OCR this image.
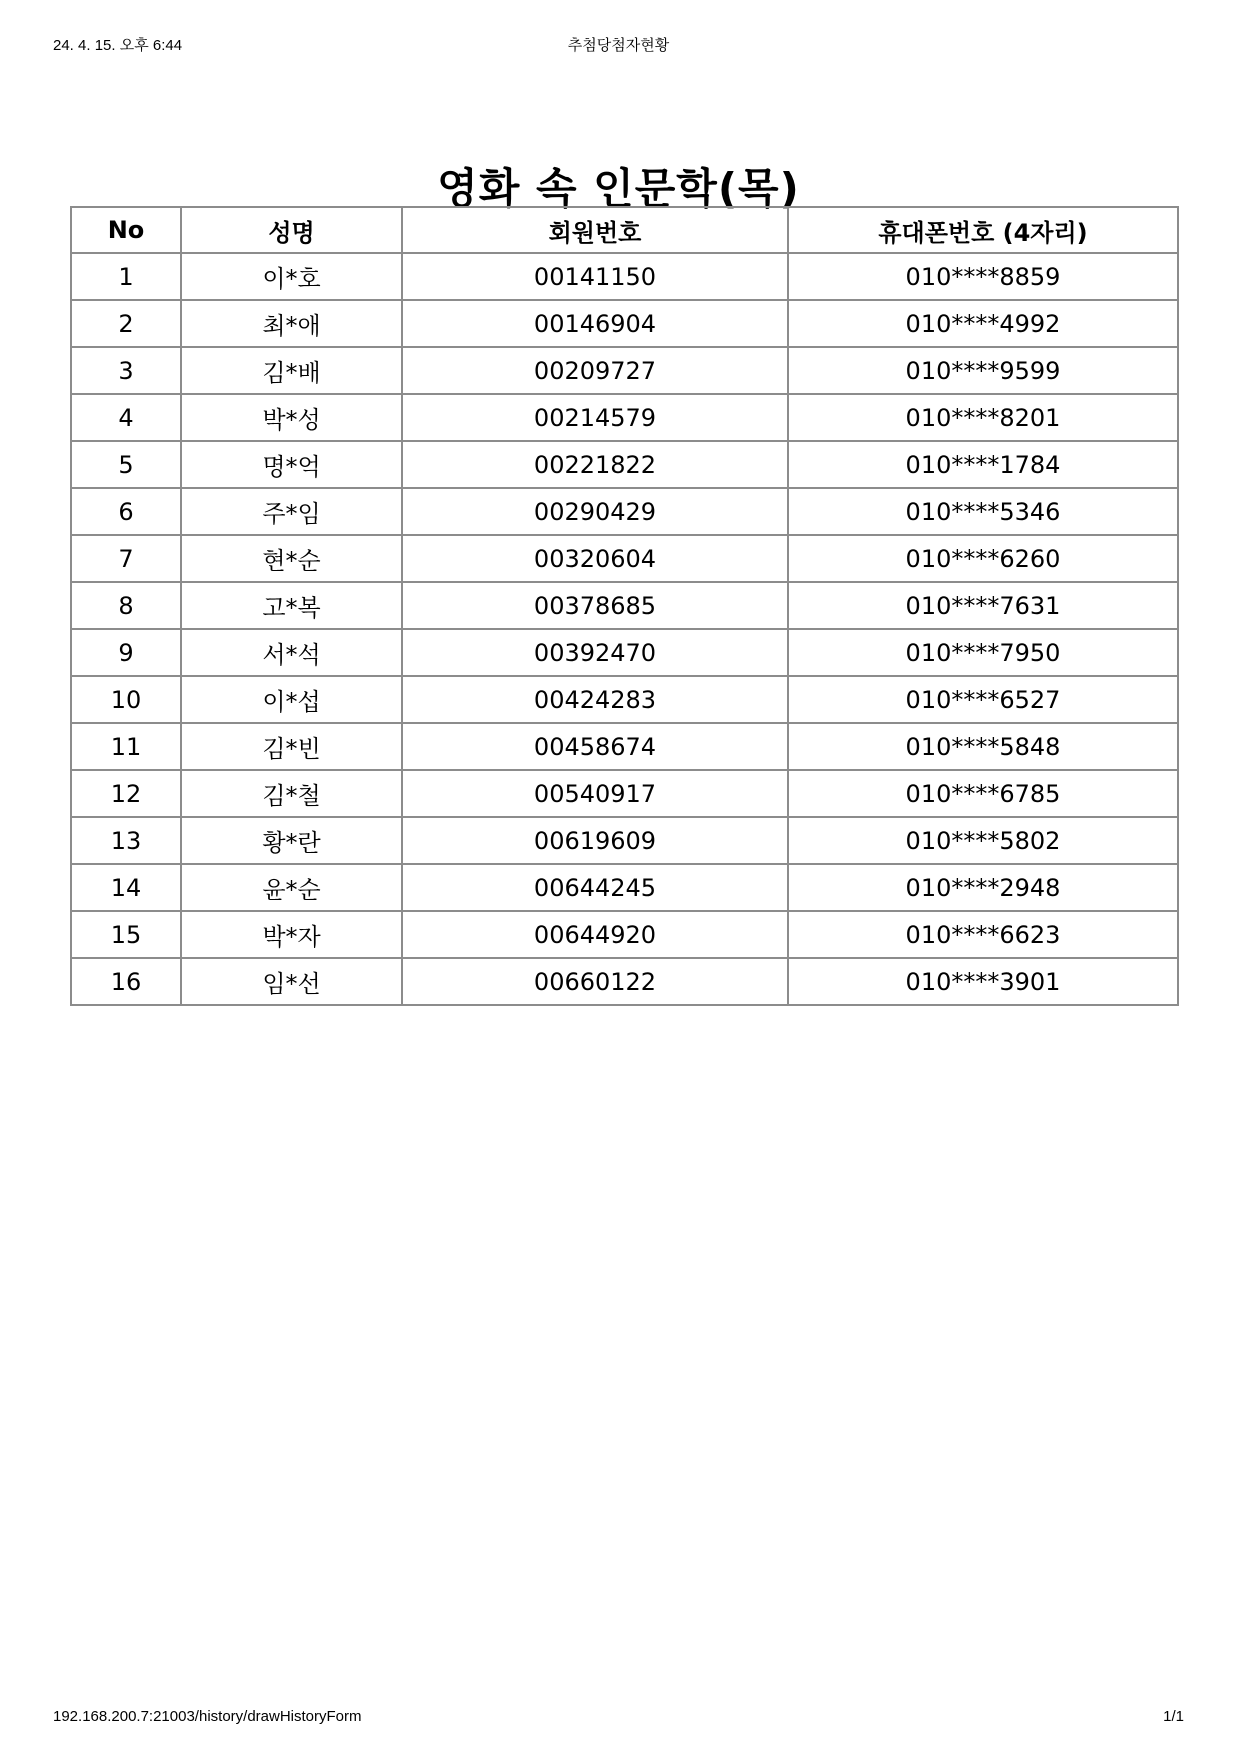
24. 4. 15. 오후 6:44	추첨당첨자현황
영화 속 인문학(목)
No	성명	회원번호	휴대폰번호 (4자리)
1	이*호	00141150	010****8859
2	최*애	00146904	010****4992
3	김*배	00209727	010****9599
4	박*성	00214579	010****8201
5	명*억	00221822	010****1784
6	주*임	00290429	010****5346
7	현*순	00320604	010****6260
8	고*복	00378685	010****7631
9	서*석	00392470	010****7950
10	이*섭	00424283	010****6527
11	김*빈	00458674	010****5848
12	김*철	00540917	010****6785
13	황*란	00619609	010****5802
14	윤*순	00644245	010****2948
15	박*자	00644920	010****6623
16	임*선	00660122	010****3901
192.168.200.7:21003/history/drawHistoryForm	1/1
